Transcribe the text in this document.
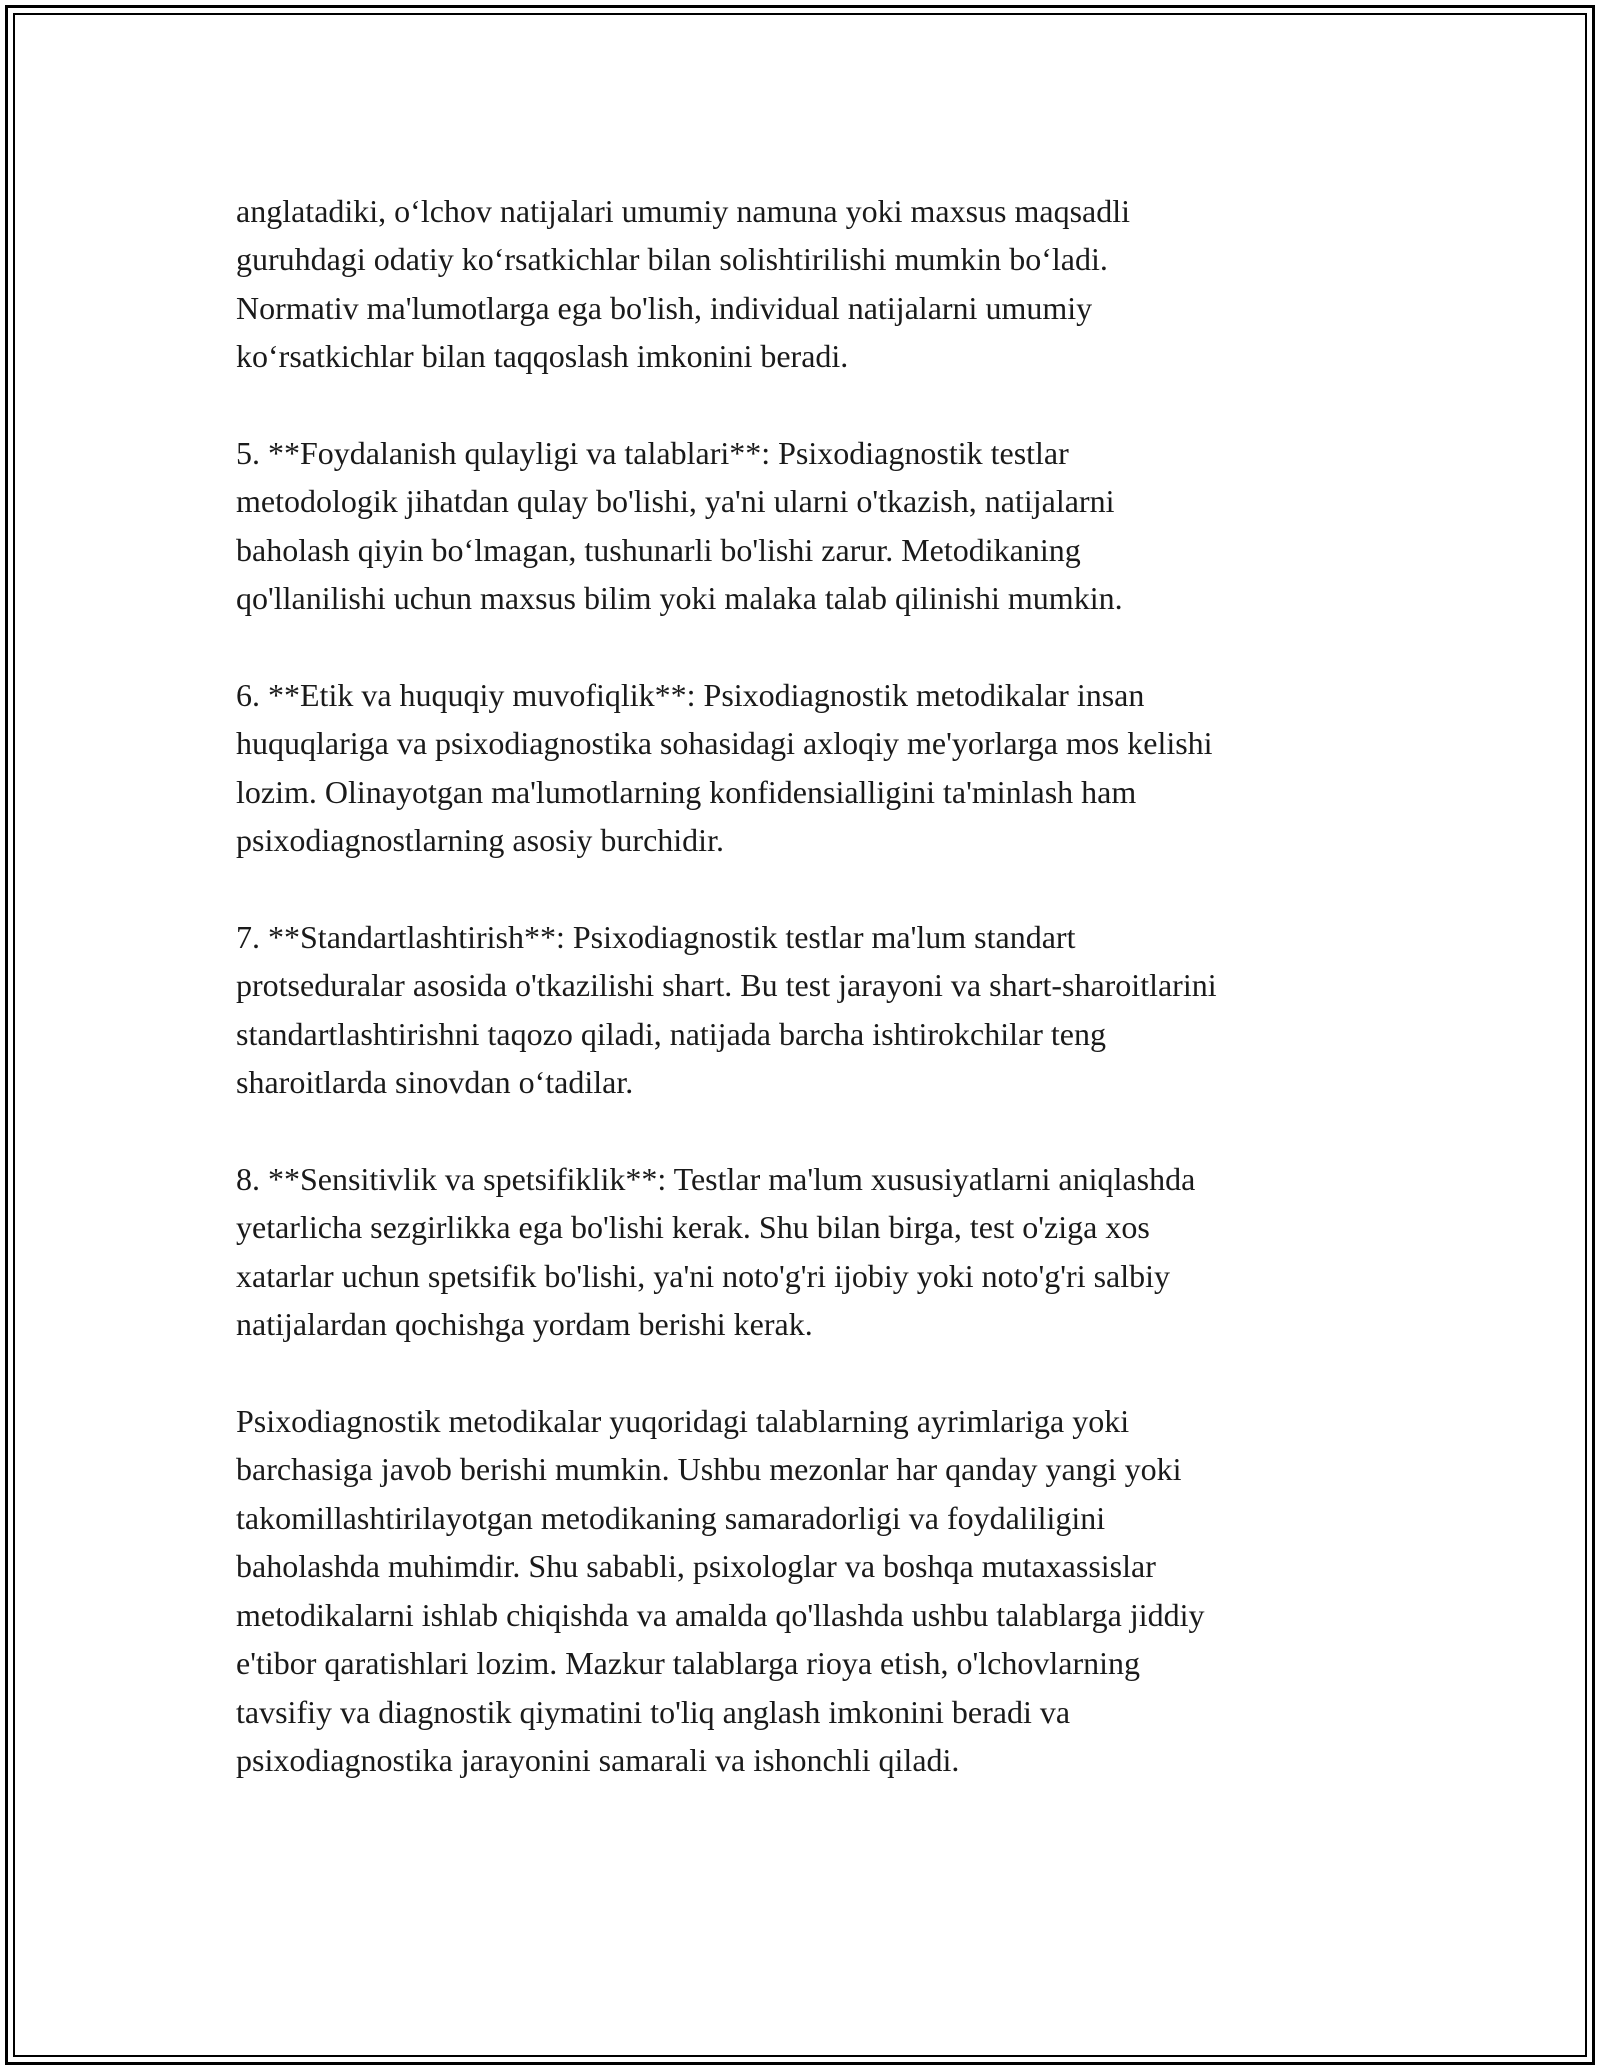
anglatadiki, o‘lchov natijalari umumiy namuna yoki maxsus maqsadli
guruhdagi odatiy ko‘rsatkichlar bilan solishtirilishi mumkin bo‘ladi.
Normativ ma'lumotlarga ega bo'lish, individual natijalarni umumiy
ko‘rsatkichlar bilan taqqoslash imkonini beradi.

5. **Foydalanish qulayligi va talablari**: Psixodiagnostik testlar
metodologik jihatdan qulay bo'lishi, ya'ni ularni o'tkazish, natijalarni
baholash qiyin bo‘lmagan, tushunarli bo'lishi zarur. Metodikaning
qo'llanilishi uchun maxsus bilim yoki malaka talab qilinishi mumkin.

6. **Etik va huquqiy muvofiqlik**: Psixodiagnostik metodikalar insan
huquqlariga va psixodiagnostika sohasidagi axloqiy me'yorlarga mos kelishi
lozim. Olinayotgan ma'lumotlarning konfidensialligini ta'minlash ham
psixodiagnostlarning asosiy burchidir.

7. **Standartlashtirish**: Psixodiagnostik testlar ma'lum standart
protseduralar asosida o'tkazilishi shart. Bu test jarayoni va shart-sharoitlarini
standartlashtirishni taqozo qiladi, natijada barcha ishtirokchilar teng
sharoitlarda sinovdan o‘tadilar.

8. **Sensitivlik va spetsifiklik**: Testlar ma'lum xususiyatlarni aniqlashda
yetarlicha sezgirlikka ega bo'lishi kerak. Shu bilan birga, test o'ziga xos
xatarlar uchun spetsifik bo'lishi, ya'ni noto'g'ri ijobiy yoki noto'g'ri salbiy
natijalardan qochishga yordam berishi kerak.

Psixodiagnostik metodikalar yuqoridagi talablarning ayrimlariga yoki
barchasiga javob berishi mumkin. Ushbu mezonlar har qanday yangi yoki
takomillashtirilayotgan metodikaning samaradorligi va foydaliligini
baholashda muhimdir. Shu sababli, psixologlar va boshqa mutaxassislar
metodikalarni ishlab chiqishda va amalda qo'llashda ushbu talablarga jiddiy
e'tibor qaratishlari lozim. Mazkur talablarga rioya etish, o'lchovlarning
tavsifiy va diagnostik qiymatini to'liq anglash imkonini beradi va
psixodiagnostika jarayonini samarali va ishonchli qiladi.
